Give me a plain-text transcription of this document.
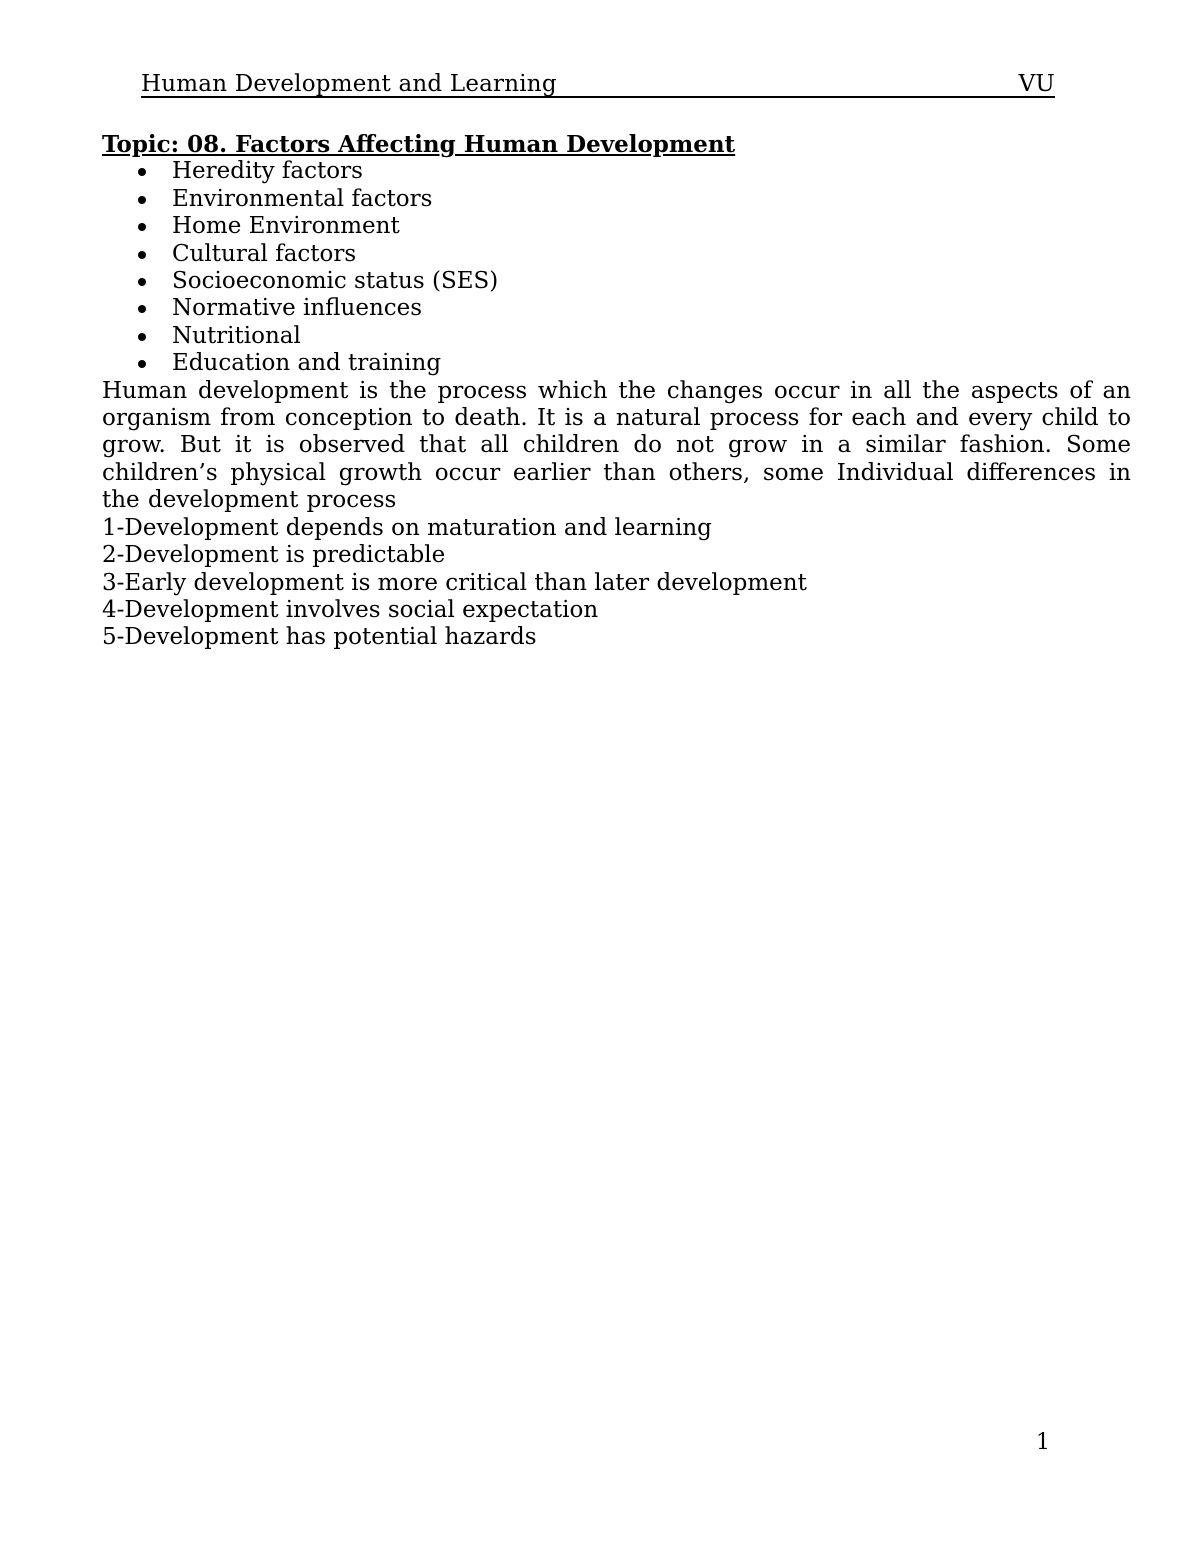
Human Development and Learning	VU
Topic: 08. Factors Affecting Human Development
Heredity factors
Environmental factors
Home Environment
Cultural factors
Socioeconomic status (SES)
Normative influences
Nutritional
Education and training

Human development is the process which the changes occur in all the aspects of an organism from conception to death. It is a natural process for each and every child to grow. But it is observed that all children do not grow in a similar fashion. Some children’s physical growth occur earlier than others, some Individual differences in the development process

1-Development depends on maturation and learning

2-Development is predictable

3-Early development is more critical than later development

4-Development involves social expectation

5-Development has potential hazards

1
